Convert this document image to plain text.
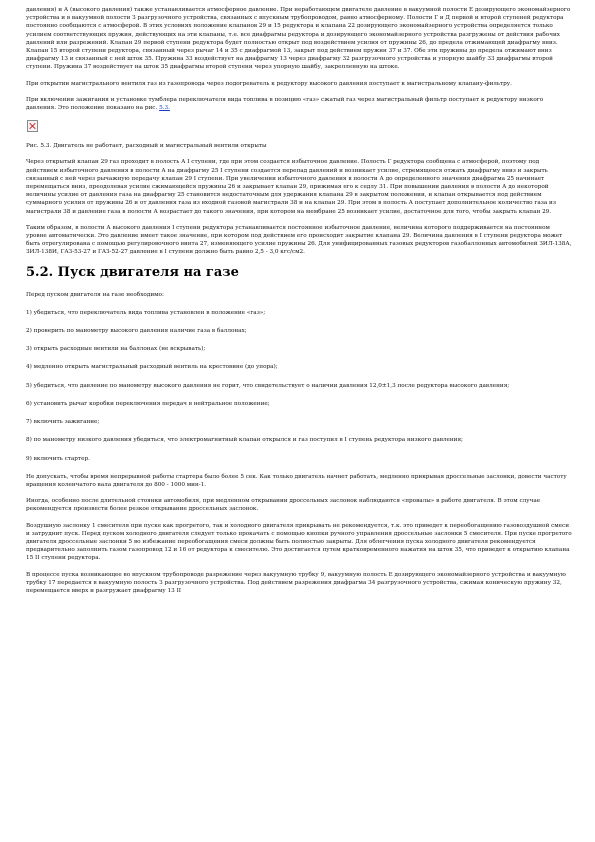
давления) и А (высокого давления) также устанавливается атмосферное давление. При неработающем двигателе давление в вакуумной полости Е дозирующего экономайзерного устройства и в вакуумной полости З разгрузочного устройства, связанных с впускным трубопроводом, равно атмосферному. Полости Г и Д первой и второй ступеней редуктора постоянно сообщаются с атмосферой. В этих условиях положение клапанов 29 и 15 редуктора и клапана 22 дозирующего экономайзерного устройства определяется только усилием соответствующих пружин, действующих на эти клапаны, т.е. все диафрагмы редуктора и дозирующего экономайзерного устройства разгружены от действия рабочих давлений или разрежений. Клапан 29 первой ступени редуктора будет полностью открыт под воздействием усилия от пружины 26, до предела отжимающей диафрагму вниз. Клапан 15 второй ступени редуктора, связанный через рычаг 14 и 35 с диафрагмой 13, закрыт под действием пружин 37 и 37. Обе эти пружины до предела отжимают вниз диафрагму 13 и связанный с ней шток 35. Пружина 33 воздействует на диафрагму 13 через диафрагму 32 разгрузочного устройства и упорную шайбу 33 диафрагмы второй ступени. Пружина 37 воздействует на шток 35 диафрагмы второй ступени через упорную шайбу, закрепленную на штоке.

При открытии магистрального вентиля газ из газопровода через подогреватель к редуктору высокого давления поступает к магистральному клапану-фильтру.

При включении зажигания и установке тумблера переключателя вида топлива в позицию «газ» сжатый газ через магистральный фильтр поступает к редуктору низкого давления. Это положение показано на рис. 5.3.

Рис. 5.3. Двигатель не работает, расходный и магистральный вентили открыты

Через открытый клапан 29 газ проходит в полость А I ступени, где при этом создается избыточное давление. Полость Г редуктора сообщена с атмосферой, поэтому под действием избыточного давления в полости А на диафрагму 25 I ступени создается перепад давлений и возникает усилие, стремящееся отжать диафрагму вниз и закрыть связанный с ней через рычажную передачу клапан 29 I ступени. При увеличении избыточного давления в полости А до определенного значения диафрагма 25 начинает перемещаться вниз, преодолевая усилие сжимающейся пружины 26 и закрывает клапан 29, прижимая его к седлу 31. При повышении давления в полости А до некоторой величины усилие от давления газа на диафрагму 25 становится недостаточным для удержания клапана 29 в закрытом положении, и клапан открывается под действием суммарного усилия от пружины 26 и от давления газа из входной газовой магистрали 38 и на клапан 29. При этом в полость А поступает дополнительное количество газа из магистрали 38 и давление газа в полости А возрастает до такого значения, при котором на мембране 25 возникает усилие, достаточное для того, чтобы закрыть клапан 29.

Таким образом, в полости А высокого давления I ступени редуктора устанавливается постоянное избыточное давление, величина которого поддерживается на постоянном уровне автоматически. Это давление имеет такое значение, при котором под действием его происходит закрытие клапана 29. Величина давления в I ступени редуктора может быть отрегулирована с помощью регулировочного винта 27, изменяющего усилие пружины 26. Для унифицированных газовых редукторов газобаллонных автомобилей ЗИЛ-138А, ЗИЛ-138И, ГАЗ-53-27 и ГАЗ-52-27 давление в I ступени должно быть равно 2,5 - 3,0 кгс/см2.

5.2. Пуск двигателя на газе

Перед пуском двигателя на газе необходимо:

1) убедиться, что переключатель вида топлива установлен в положение «газ»;

2) проверить по манометру высокого давления наличие газа в баллонах;

3) открыть расходные вентили на баллонах (не вскрывать);

4) медленно открыть магистральный расходный вентиль на крестовине (до упора);

5) убедиться, что давление по манометру высокого давления не горит, что свидетельствует о наличии давления 12,0±1,3 после редуктора высокого давления;

6) установить рычаг коробки переключения передач в нейтральное положение;

7) включить зажигание;

8) по манометру низкого давления убедиться, что электромагнитный клапан открылся и газ поступил в I ступень редуктора низкого давления;

9) включить стартер.

Не допускать, чтобы время непрерывной работы стартера было более 5 сек. Как только двигатель начнет работать, медленно прикрывая дроссельные заслонки, довести частоту вращения коленчатого вала двигателя до 800 - 1000 мин-1.

Иногда, особенно после длительной стоянки автомобиля, при медленном открывании дроссельных заслонок наблюдаются «провалы» в работе двигателя. В этом случае рекомендуется произвести более резкое открывание дроссельных заслонок.

Воздушную заслонку 1 смесителя при пуске как прогретого, так и холодного двигателя прикрывать не рекомендуется, т.к. это приведет к переобогащению газовоздушной смеси и затруднит пуск. Перед пуском холодного двигателя следует только прокачать с помощью кнопки ручного управления дроссельные заслонки 5 смесителя. При пуске прогретого двигателя дроссельные заслонки 5 во избежание переобогащения смеси должны быть полностью закрыты. Для облегчения пуска холодного двигателя рекомендуется предварительно заполнить газом газопровод 12 и 16 от редуктора к смесителю. Это достигается путем кратковременного нажатия на шток 35, что приведет к открытию клапана 15 II ступени редуктора.

В процессе пуска возникающее во впускном трубопроводе разрежение через вакуумную трубку 9, вакуумную полость Е дозирующего экономайзерного устройства и вакуумную трубку 17 передается в вакуумную полость З разгрузочного устройства. Под действием разрежения диафрагма 34 разгрузочного устройства, сжимая коническую пружину 32, перемещается вверх и разгружает диафрагму 13 II
